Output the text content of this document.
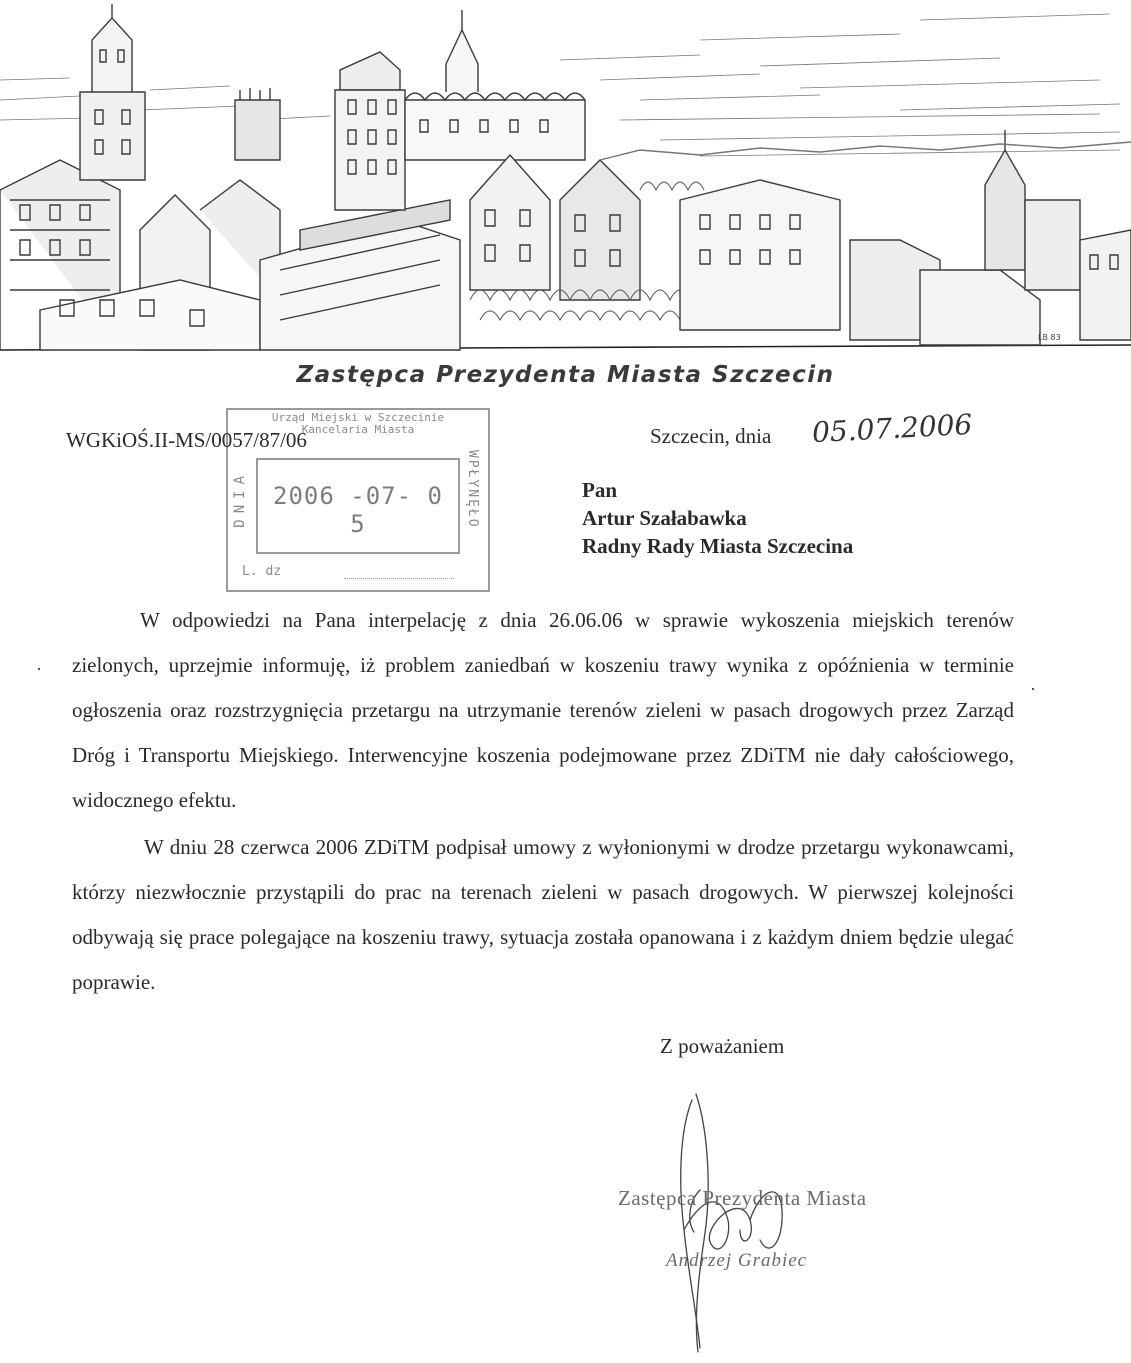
LB 83
Zastępca Prezydenta Miasta Szczecin
WGKiOŚ.II-MS/0057/87/06	Szczecin, dnia 05.07.2006
Urząd Miejski w Szczecinie
Kancelaria Miasta
DNIA	WPŁYNĘŁO
2006 -07- 0 5
L. dz
Pan
Artur Szałabawka
Radny Rady Miasta Szczecina

W odpowiedzi na Pana interpelację z dnia 26.06.06 w sprawie wykoszenia miejskich terenów zielonych, uprzejmie informuję, iż problem zaniedbań w koszeniu trawy wynika z opóźnienia w terminie ogłoszenia oraz rozstrzygnięcia przetargu na utrzymanie terenów zieleni w pasach drogowych przez Zarząd Dróg i Transportu Miejskiego. Interwencyjne koszenia podejmowane przez ZDiTM nie dały całościowego, widocznego efektu.

W dniu 28 czerwca 2006 ZDiTM podpisał umowy z wyłonionymi w drodze przetargu wykonawcami, którzy niezwłocznie przystąpili do prac na terenach zieleni w pasach drogowych. W pierwszej kolejności odbywają się prace polegające na koszeniu trawy, sytuacja została opanowana i z każdym dniem będzie ulegać poprawie.

Z poważaniem
Zastępca Prezydenta Miasta
Andrzej Grabiec
